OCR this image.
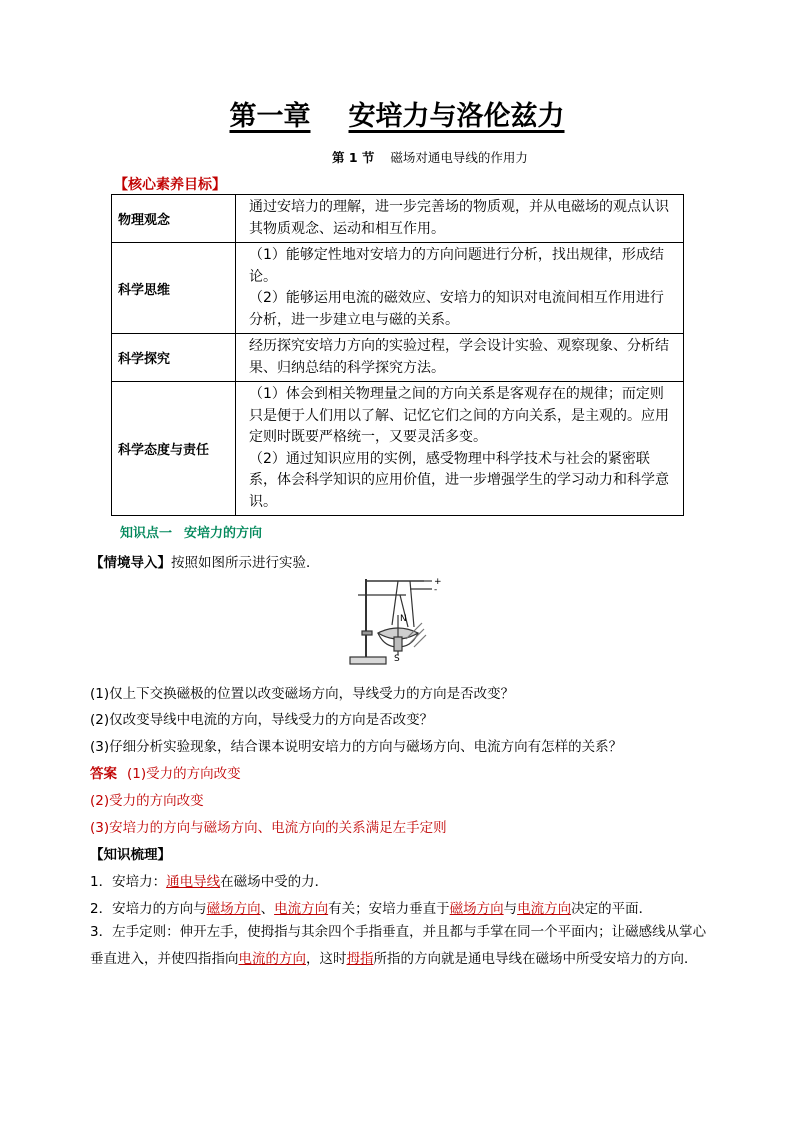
第一章 安培力与洛伦兹力
第 1 节 磁场对通电导线的作用力
【核心素养目标】
物理观念	通过安培力的理解，进一步完善场的物质观，并从电磁场的观点认识其物质观念、运动和相互作用。

科学思维	（1）能够定性地对安培力的方向问题进行分析，找出规律，形成结论。

（2）能够运用电流的磁效应、安培力的知识对电流间相互作用进行分析，进一步建立电与磁的关系。

科学探究	经历探究安培力方向的实验过程，学会设计实验、观察现象、分析结果、归纳总结的科学探究方法。

科学态度与责任	（1）体会到相关物理量之间的方向关系是客观存在的规律；而定则只是便于人们用以了解、记忆它们之间的方向关系，是主观的。应用定则时既要严格统一，又要灵活多变。

（2）通过知识应用的实例，感受物理中科学技术与社会的紧密联系，体会科学知识的应用价值，进一步增强学生的学习动力和科学意识。

知识点一 安培力的方向
【情境导入】按照如图所示进行实验．
+
-
N
S
(1)仅上下交换磁极的位置以改变磁场方向，导线受力的方向是否改变？
(2)仅改变导线中电流的方向，导线受力的方向是否改变？
(3)仔细分析实验现象，结合课本说明安培力的方向与磁场方向、电流方向有怎样的关系？
答案 (1)受力的方向改变
(2)受力的方向改变
(3)安培力的方向与磁场方向、电流方向的关系满足左手定则
【知识梳理】
1．安培力：通电导线在磁场中受的力．
2．安培力的方向与磁场方向、电流方向有关；安培力垂直于磁场方向与电流方向决定的平面．
3．左手定则：伸开左手，使拇指与其余四个手指垂直，并且都与手掌在同一个平面内；让磁感线从掌心垂直进入，并使四指指向电流的方向，这时拇指所指的方向就是通电导线在磁场中所受安培力的方向．
